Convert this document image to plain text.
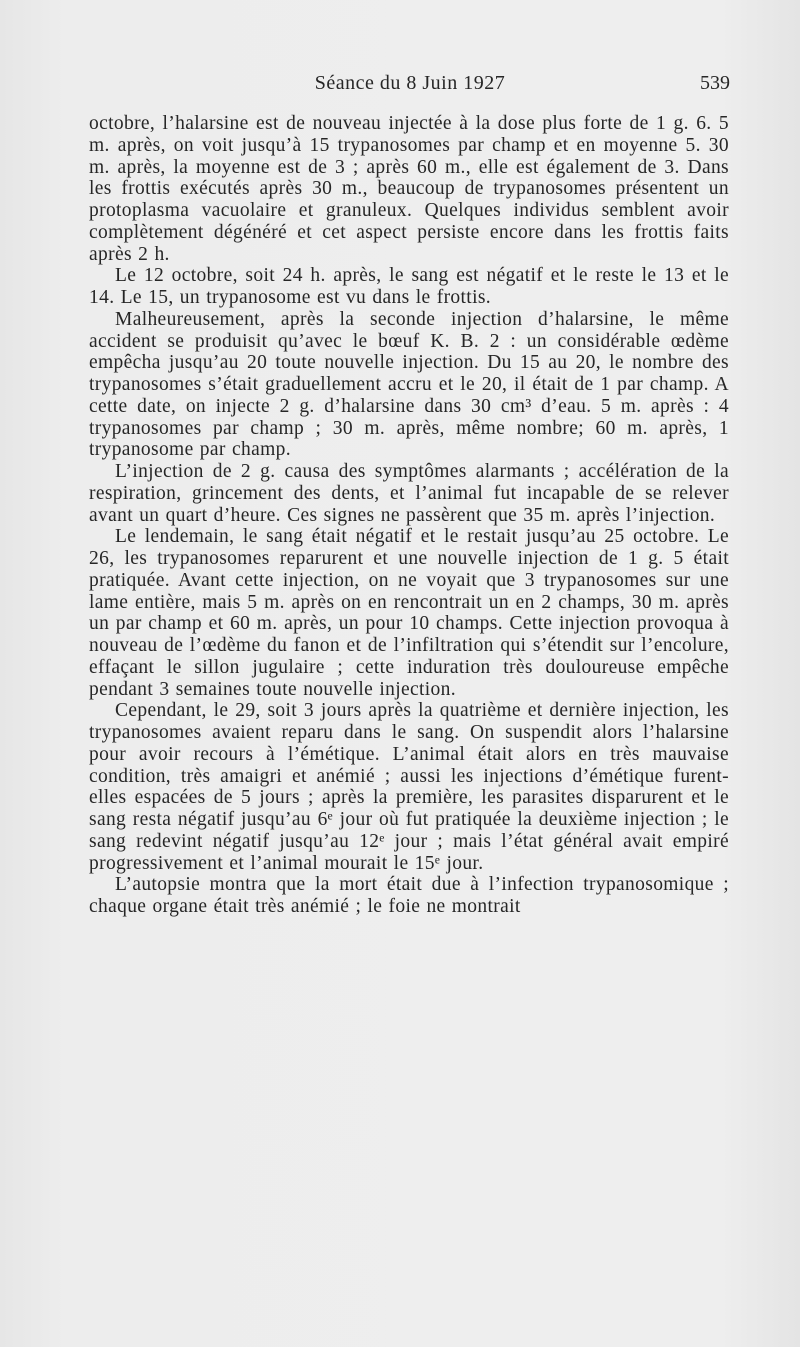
Séance du 8 Juin 1927	539

octobre, l’halarsine est de nouveau injectée à la dose plus forte de 1 g. 6. 5 m. après, on voit jusqu’à 15 trypanosomes par champ et en moyenne 5. 30 m. après, la moyenne est de 3 ; après 60 m., elle est également de 3. Dans les frottis exécutés après 30 m., beaucoup de trypanosomes présentent un protoplasma vacuolaire et granuleux. Quelques individus semblent avoir complètement dégénéré et cet aspect persiste encore dans les frottis faits après 2 h.

Le 12 octobre, soit 24 h. après, le sang est négatif et le reste le 13 et le 14. Le 15, un trypanosome est vu dans le frottis.

Malheureusement, après la seconde injection d’halarsine, le même accident se produisit qu’avec le bœuf K. B. 2 : un considérable œdème empêcha jusqu’au 20 toute nouvelle injection. Du 15 au 20, le nombre des trypanosomes s’était graduellement accru et le 20, il était de 1 par champ. A cette date, on injecte 2 g. d’halarsine dans 30 cm³ d’eau. 5 m. après : 4 trypanosomes par champ ; 30 m. après, même nombre; 60 m. après, 1 trypanosome par champ.

L’injection de 2 g. causa des symptômes alarmants ; accélération de la respiration, grincement des dents, et l’animal fut incapable de se relever avant un quart d’heure. Ces signes ne passèrent que 35 m. après l’injection.

Le lendemain, le sang était négatif et le restait jusqu’au 25 octobre. Le 26, les trypanosomes reparurent et une nouvelle injection de 1 g. 5 était pratiquée. Avant cette injection, on ne voyait que 3 trypanosomes sur une lame entière, mais 5 m. après on en rencontrait un en 2 champs, 30 m. après un par champ et 60 m. après, un pour 10 champs. Cette injection provoqua à nouveau de l’œdème du fanon et de l’infiltration qui s’étendit sur l’encolure, effaçant le sillon jugulaire ; cette induration très douloureuse empêche pendant 3 semaines toute nouvelle injection.

Cependant, le 29, soit 3 jours après la quatrième et dernière injection, les trypanosomes avaient reparu dans le sang. On suspendit alors l’halarsine pour avoir recours à l’émétique. L’animal était alors en très mauvaise condition, très amaigri et anémié ; aussi les injections d’émétique furent-elles espacées de 5 jours ; après la première, les parasites disparurent et le sang resta négatif jusqu’au 6ᵉ jour où fut pratiquée la deuxième injection ; le sang redevint négatif jusqu’au 12ᵉ jour ; mais l’état général avait empiré progressivement et l’animal mourait le 15ᵉ jour.

L’autopsie montra que la mort était due à l’infection trypanosomique ; chaque organe était très anémié ; le foie ne montrait
